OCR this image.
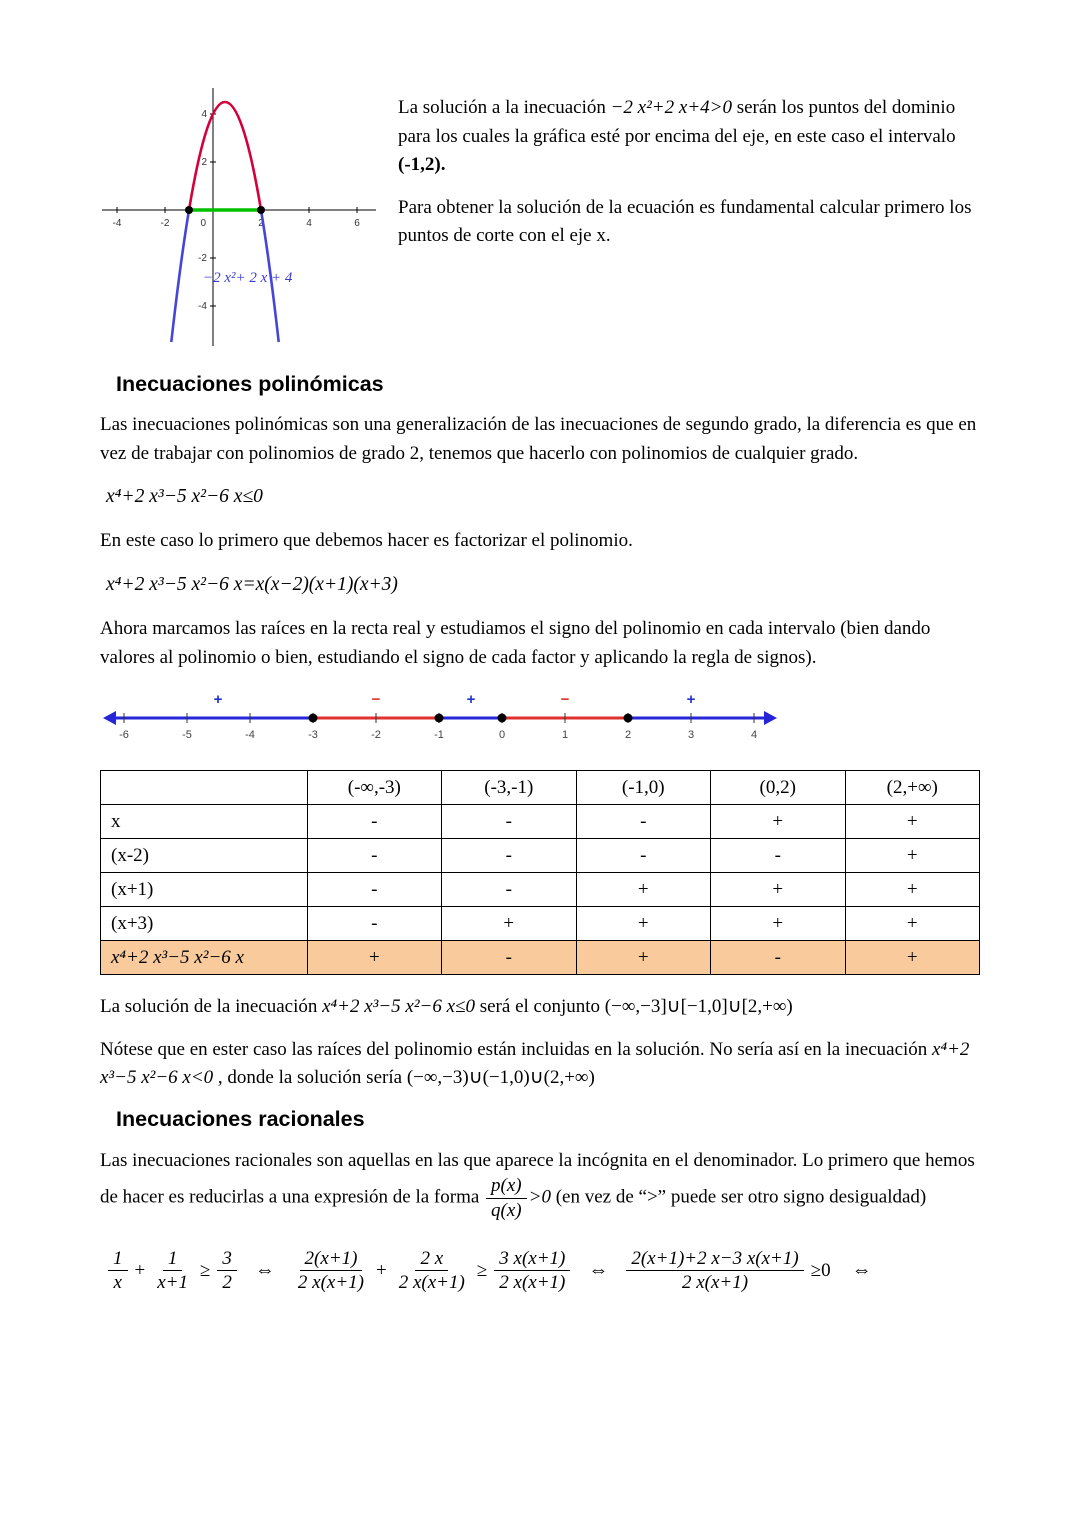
-4	-2	0	2	4	6
4
2
-2
-4
−2 x²+ 2 x + 4

La solución a la inecuación −2 x²+2 x+4>0 serán los puntos del dominio para los cuales la gráfica esté por encima del eje, en este caso el intervalo (-1,2).

Para obtener la solución de la ecuación es fundamental calcular primero los puntos de corte con el eje x.

Inecuaciones polinómicas

Las inecuaciones polinómicas son una generalización de las inecuaciones de segundo grado, la diferencia es que en vez de trabajar con polinomios de grado 2, tenemos que hacerlo con polinomios de cualquier grado.

x⁴+2 x³−5 x²−6 x≤0

En este caso lo primero que debemos hacer es factorizar el polinomio.

x⁴+2 x³−5 x²−6 x=x(x−2)(x+1)(x+3)

Ahora marcamos las raíces en la recta real y estudiamos el signo del polinomio en cada intervalo (bien dando valores al polinomio o bien, estudiando el signo de cada factor y aplicando la regla de signos).

-6	-5	-4	-3	-2	-1	0	1	2	3	4
+	−	+	−	+
	(-∞,-3)	(-3,-1)	(-1,0)	(0,2)	(2,+∞)
x	-	-	-	+	+
(x-2)	-	-	-	-	+
(x+1)	-	-	+	+	+
(x+3)	-	+	+	+	+
x⁴+2 x³−5 x²−6 x	+	-	+	-	+

La solución de la inecuación x⁴+2 x³−5 x²−6 x≤0 será el conjunto (−∞,−3]∪[−1,0]∪[2,+∞)

Nótese que en ester caso las raíces del polinomio están incluidas en la solución. No sería así en la inecuación x⁴+2 x³−5 x²−6 x<0 , donde la solución sería (−∞,−3)∪(−1,0)∪(2,+∞)

Inecuaciones racionales

Las inecuaciones racionales son aquellas en las que aparece la incógnita en el denominador. Lo primero que hemos de hacer es reducirlas a una expresión de la forma $\frac{p(x)}{q(x)} >0$ (en vez de “>” puede ser otro signo desigualdad)

$\frac{1}{x} + \frac{1}{x+1} \ge \frac{3}{2}$ ⇔ $\frac{2(x+1)}{2 x(x+1)} + \frac{2 x}{2 x(x+1)} \ge \frac{3 x(x+1)}{2 x(x+1)}$ ⇔ $\frac{2(x+1)+2 x-3 x(x+1)}{2 x(x+1)} \ge 0$ ⇔
